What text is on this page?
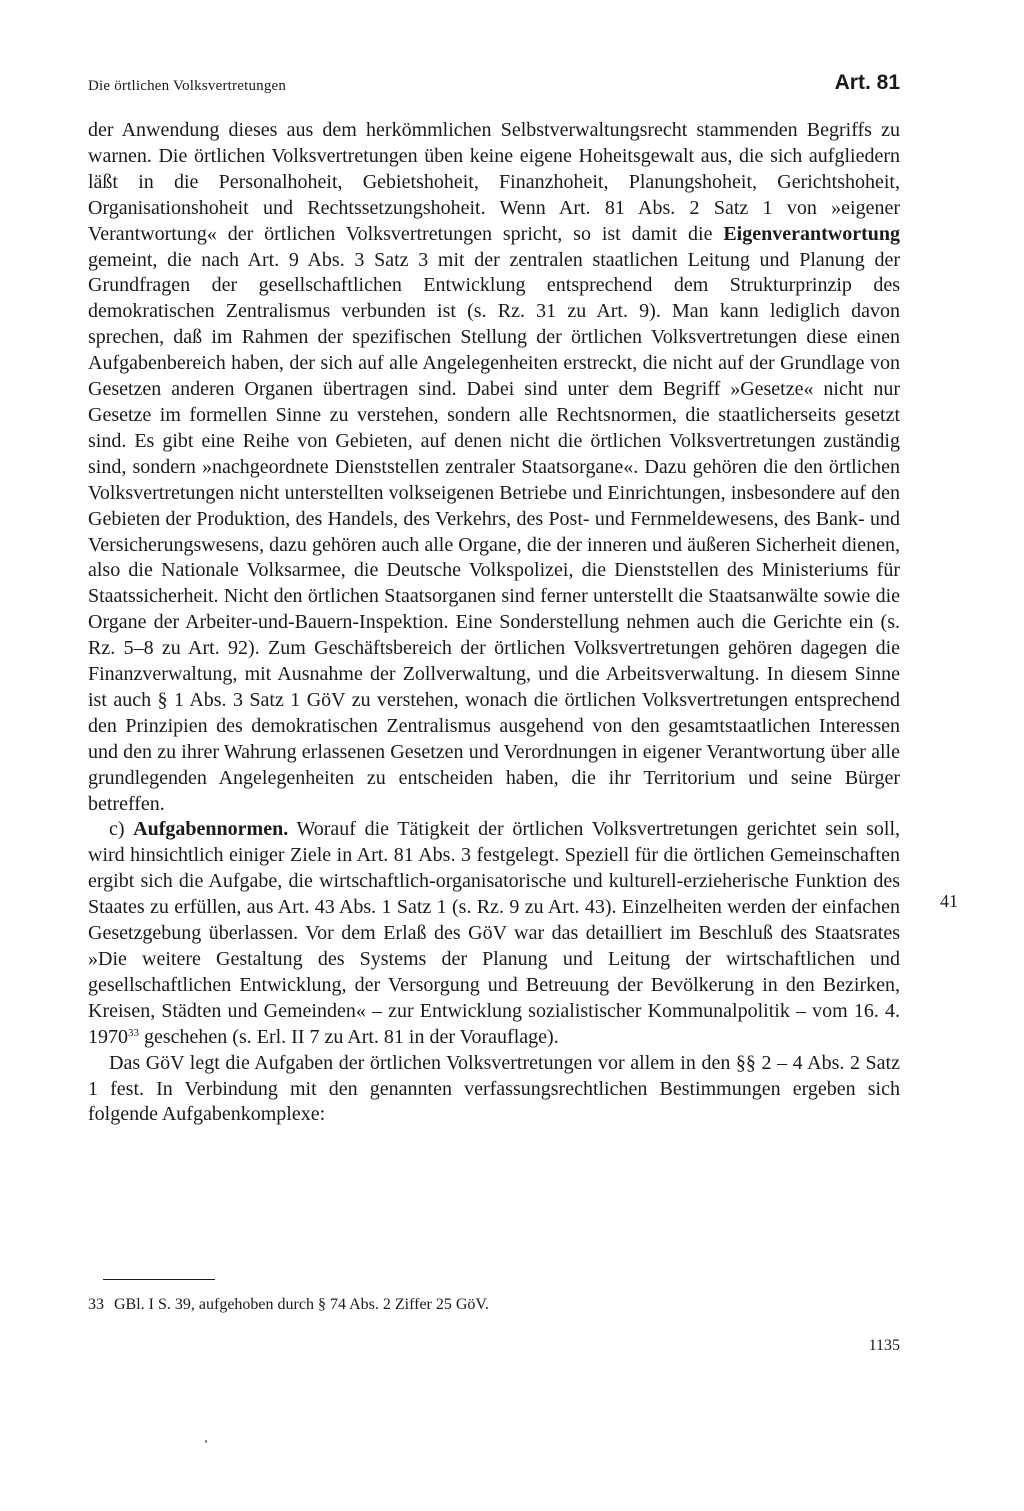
Die örtlichen Volksvertretungen	Art. 81

der Anwendung dieses aus dem herkömmlichen Selbstverwaltungsrecht stammenden Begriffs zu warnen. Die örtlichen Volksvertretungen üben keine eigene Hoheitsgewalt aus, die sich aufgliedern läßt in die Personalhoheit, Gebietshoheit, Finanzhoheit, Planungshoheit, Gerichtshoheit, Organisationshoheit und Rechtssetzungshoheit. Wenn Art. 81 Abs. 2 Satz 1 von »eigener Verantwortung« der örtlichen Volksvertretungen spricht, so ist damit die Eigenverantwortung gemeint, die nach Art. 9 Abs. 3 Satz 3 mit der zentralen staatlichen Leitung und Planung der Grundfragen der gesellschaftlichen Entwicklung entsprechend dem Strukturprinzip des demokratischen Zentralismus verbunden ist (s. Rz. 31 zu Art. 9). Man kann lediglich davon sprechen, daß im Rahmen der spezifischen Stellung der örtlichen Volksvertretungen diese einen Aufgabenbereich haben, der sich auf alle Angelegenheiten erstreckt, die nicht auf der Grundlage von Gesetzen anderen Organen übertragen sind. Dabei sind unter dem Begriff »Gesetze« nicht nur Gesetze im formellen Sinne zu verstehen, sondern alle Rechtsnormen, die staatlicherseits gesetzt sind. Es gibt eine Reihe von Gebieten, auf denen nicht die örtlichen Volksvertretungen zuständig sind, sondern »nachgeordnete Dienststellen zentraler Staatsorgane«. Dazu gehören die den örtlichen Volksvertretungen nicht unterstellten volkseigenen Betriebe und Einrichtungen, insbesondere auf den Gebieten der Produktion, des Handels, des Verkehrs, des Post- und Fernmeldewesens, des Bank- und Versicherungswesens, dazu gehören auch alle Organe, die der inneren und äußeren Sicherheit dienen, also die Nationale Volksarmee, die Deutsche Volkspolizei, die Dienststellen des Ministeriums für Staatssicherheit. Nicht den örtlichen Staatsorganen sind ferner unterstellt die Staatsanwälte sowie die Organe der Arbeiter-und-Bauern-Inspektion. Eine Sonderstellung nehmen auch die Gerichte ein (s. Rz. 5–8 zu Art. 92). Zum Geschäftsbereich der örtlichen Volksvertretungen gehören dagegen die Finanzverwaltung, mit Ausnahme der Zollverwaltung, und die Arbeitsverwaltung. In diesem Sinne ist auch § 1 Abs. 3 Satz 1 GöV zu verstehen, wonach die örtlichen Volksvertretungen entsprechend den Prinzipien des demokratischen Zentralismus ausgehend von den gesamtstaatlichen Interessen und den zu ihrer Wahrung erlassenen Gesetzen und Verordnungen in eigener Verantwortung über alle grundlegenden Angelegenheiten zu entscheiden haben, die ihr Territorium und seine Bürger betreffen.

c) Aufgabennormen. Worauf die Tätigkeit der örtlichen Volksvertretungen gerichtet sein soll, wird hinsichtlich einiger Ziele in Art. 81 Abs. 3 festgelegt. Speziell für die örtlichen Gemeinschaften ergibt sich die Aufgabe, die wirtschaftlich-organisatorische und kulturell-erzieherische Funktion des Staates zu erfüllen, aus Art. 43 Abs. 1 Satz 1 (s. Rz. 9 zu Art. 43). Einzelheiten werden der einfachen Gesetzgebung überlassen. Vor dem Erlaß des GöV war das detailliert im Beschluß des Staatsrates »Die weitere Gestaltung des Systems der Planung und Leitung der wirtschaftlichen und gesellschaftlichen Entwicklung, der Versorgung und Betreuung der Bevölkerung in den Bezirken, Kreisen, Städten und Gemeinden« – zur Entwicklung sozialistischer Kommunalpolitik – vom 16. 4. 1970$^{33}$ geschehen (s. Erl. II 7 zu Art. 81 in der Vorauflage).

Das GöV legt die Aufgaben der örtlichen Volksvertretungen vor allem in den §§ 2 – 4 Abs. 2 Satz 1 fest. In Verbindung mit den genannten verfassungsrechtlichen Bestimmungen ergeben sich folgende Aufgabenkomplexe:

41
33 GBl. I S. 39, aufgehoben durch § 74 Abs. 2 Ziffer 25 GöV.
1135
